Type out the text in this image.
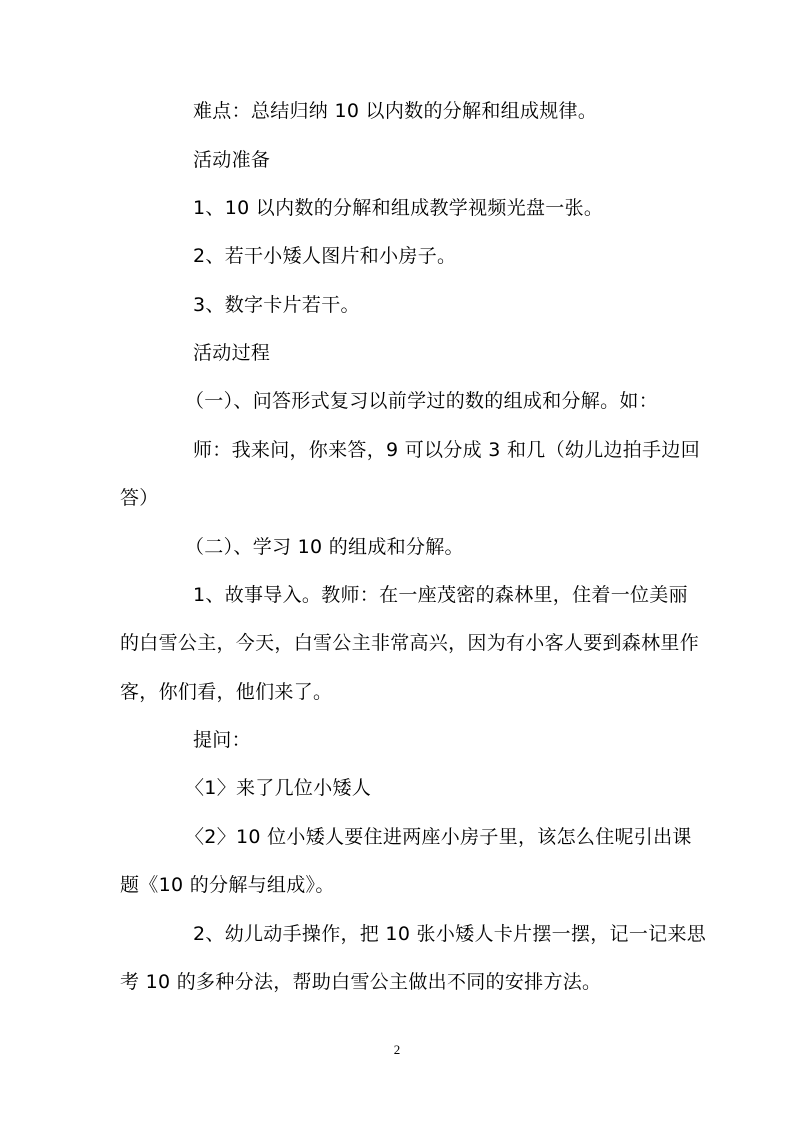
难点：总结归纳 10 以内数的分解和组成规律。
活动准备
1、10 以内数的分解和组成教学视频光盘一张。
2、若干小矮人图片和小房子。
3、数字卡片若干。
活动过程
（一）、问答形式复习以前学过的数的组成和分解。如：
师：我来问，你来答，9 可以分成 3 和几（幼儿边拍手边回
答）
（二）、学习 10 的组成和分解。
1、故事导入。教师：在一座茂密的森林里，住着一位美丽
的白雪公主，今天，白雪公主非常高兴，因为有小客人要到森林里作
客，你们看，他们来了。
提问：
〈1〉来了几位小矮人
〈2〉10 位小矮人要住进两座小房子里，该怎么住呢引出课
题《10 的分解与组成》。
2、幼儿动手操作，把 10 张小矮人卡片摆一摆，记一记来思
考 10 的多种分法，帮助白雪公主做出不同的安排方法。
2
